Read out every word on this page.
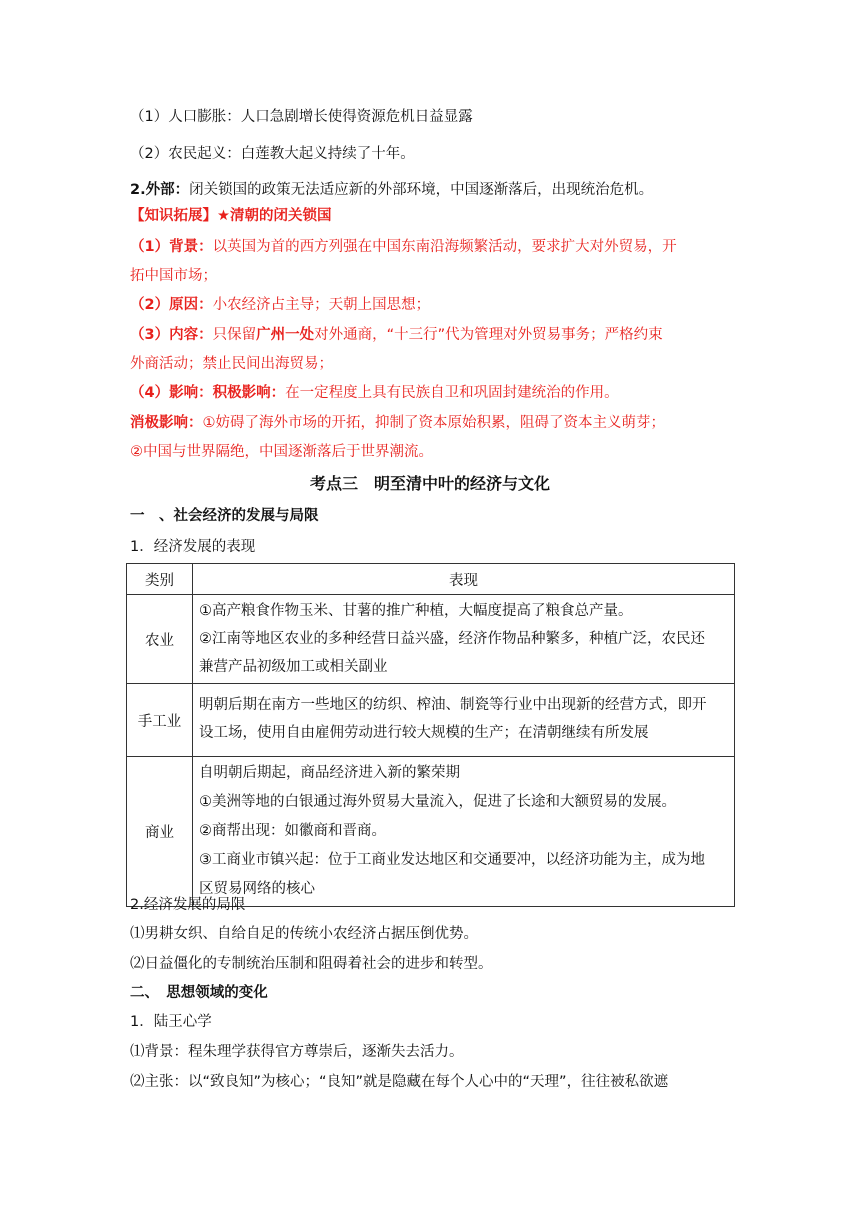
（1）人口膨胀：人口急剧增长使得资源危机日益显露
（2）农民起义：白莲教大起义持续了十年。
2.外部：闭关锁国的政策无法适应新的外部环境，中国逐渐落后，出现统治危机。
【知识拓展】★清朝的闭关锁国
（1）背景：以英国为首的西方列强在中国东南沿海频繁活动，要求扩大对外贸易，开
拓中国市场；
（2）原因：小农经济占主导；天朝上国思想；
（3）内容：只保留广州一处对外通商，“十三行”代为管理对外贸易事务；严格约束
外商活动；禁止民间出海贸易；
（4）影响：积极影响：在一定程度上具有民族自卫和巩固封建统治的作用。
消极影响：①妨碍了海外市场的开拓，抑制了资本原始积累，阻碍了资本主义萌芽；
②中国与世界隔绝，中国逐渐落后于世界潮流。
考点三　明至清中叶的经济与文化
一　、社会经济的发展与局限
1．经济发展的表现
类别	表现
农业	①高产粮食作物玉米、甘薯的推广种植，大幅度提高了粮食总产量。
②江南等地区农业的多种经营日益兴盛，经济作物品种繁多，种植广泛，农民还
兼营产品初级加工或相关副业

手工业	明朝后期在南方一些地区的纺织、榨油、制瓷等行业中出现新的经营方式，即开
设工场，使用自由雇佣劳动进行较大规模的生产；在清朝继续有所发展

商业	自明朝后期起，商品经济进入新的繁荣期
①美洲等地的白银通过海外贸易大量流入，促进了长途和大额贸易的发展。
②商帮出现：如徽商和晋商。
③工商业市镇兴起：位于工商业发达地区和交通要冲，以经济功能为主，成为地
区贸易网络的核心
2.经济发展的局限
⑴男耕女织、自给自足的传统小农经济占据压倒优势。
⑵日益僵化的专制统治压制和阻碍着社会的进步和转型。
二、　思想领域的变化
1．陆王心学
⑴背景：程朱理学获得官方尊崇后，逐渐失去活力。
⑵主张：以“致良知”为核心；“良知”就是隐藏在每个人心中的“天理”，往往被私欲遮
